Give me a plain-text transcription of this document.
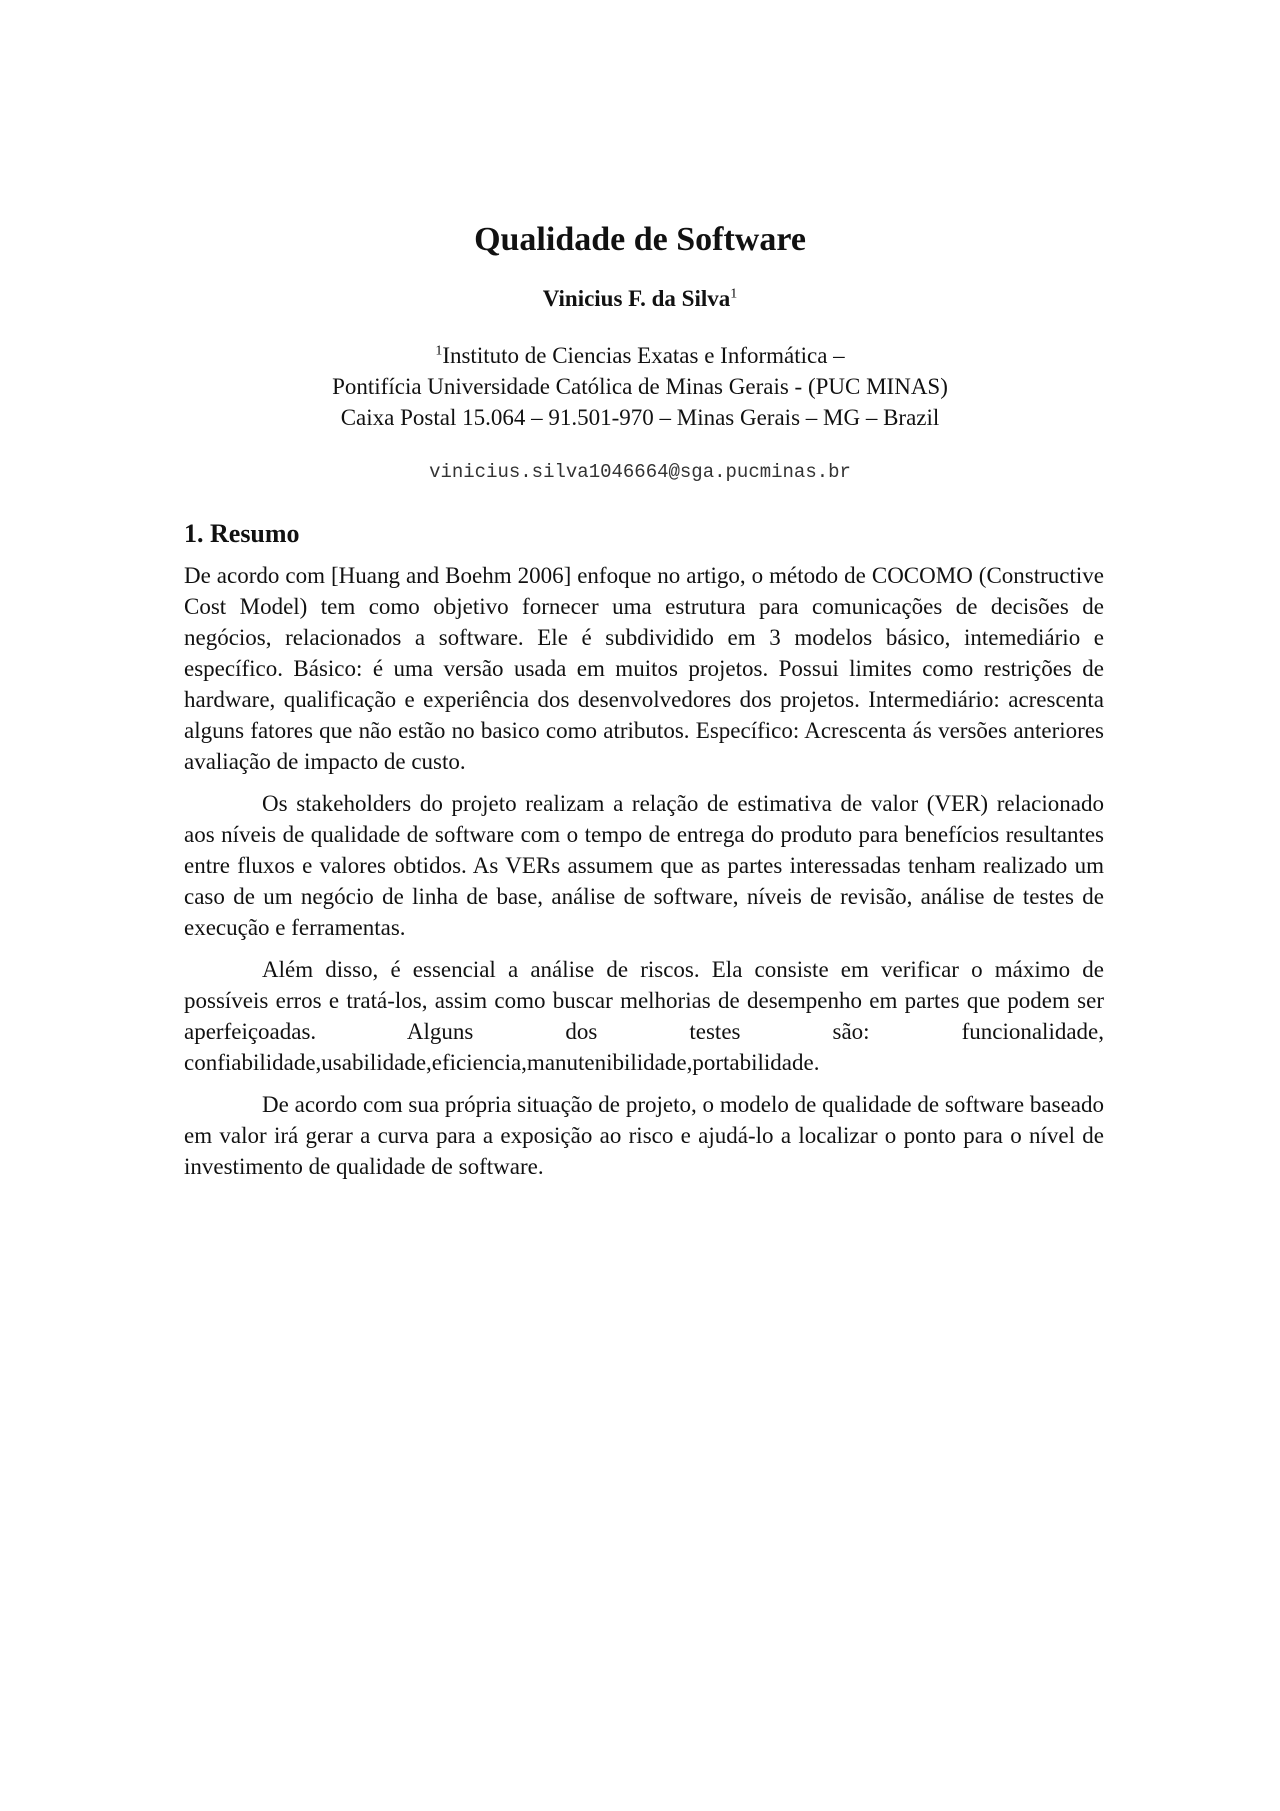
Qualidade de Software
Vinicius F. da Silva$^1$
$^1$Instituto de Ciencias Exatas e Informática –
Pontifícia Universidade Católica de Minas Gerais - (PUC MINAS)
Caixa Postal 15.064 – 91.501-970 – Minas Gerais – MG – Brazil
vinicius.silva1046664@sga.pucminas.br
1. Resumo

De acordo com [Huang and Boehm 2006] enfoque no artigo, o método de COCOMO (Constructive Cost Model) tem como objetivo fornecer uma estrutura para comunicações de decisões de negócios, relacionados a software. Ele é subdividido em 3 modelos básico, intemediário e específico. Básico: é uma versão usada em muitos projetos. Possui limites como restrições de hardware, qualificação e experiência dos desenvolvedores dos projetos. Intermediário: acrescenta alguns fatores que não estão no basico como atributos. Específico: Acrescenta ás versões anteriores avaliação de impacto de custo.

Os stakeholders do projeto realizam a relação de estimativa de valor (VER) relacionado aos níveis de qualidade de software com o tempo de entrega do produto para benefícios resultantes entre fluxos e valores obtidos. As VERs assumem que as partes interessadas tenham realizado um caso de um negócio de linha de base, análise de software, níveis de revisão, análise de testes de execução e ferramentas.

Além disso, é essencial a análise de riscos. Ela consiste em verificar o máximo de possíveis erros e tratá-los, assim como buscar melhorias de desempenho em partes que podem ser aperfeiçoadas. Alguns dos testes são: funcionalidade, confiabilidade,usabilidade,eficiencia,manutenibilidade,portabilidade.

De acordo com sua própria situação de projeto, o modelo de qualidade de software baseado em valor irá gerar a curva para a exposição ao risco e ajudá-lo a localizar o ponto para o nível de investimento de qualidade de software.
